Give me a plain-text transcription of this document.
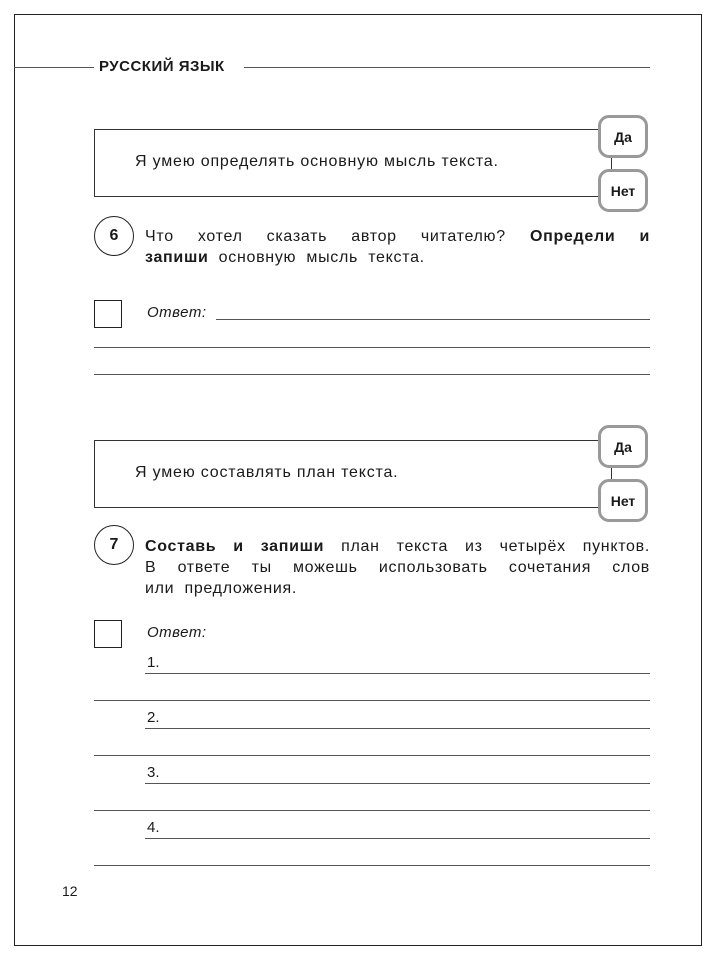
РУССКИЙ ЯЗЫК
Я умею определять основную мысль текста.
Да
Нет
6	Что хотел сказать автор читателю? Определи и
запиши основную мысль текста.
Ответ:
Я умею составлять план текста.
Да
Нет
7	Составь и запиши план текста из четырёх пунктов.
В ответе ты можешь использовать сочетания слов
или предложения.
Ответ:
1.
2.
3.
4.
12
